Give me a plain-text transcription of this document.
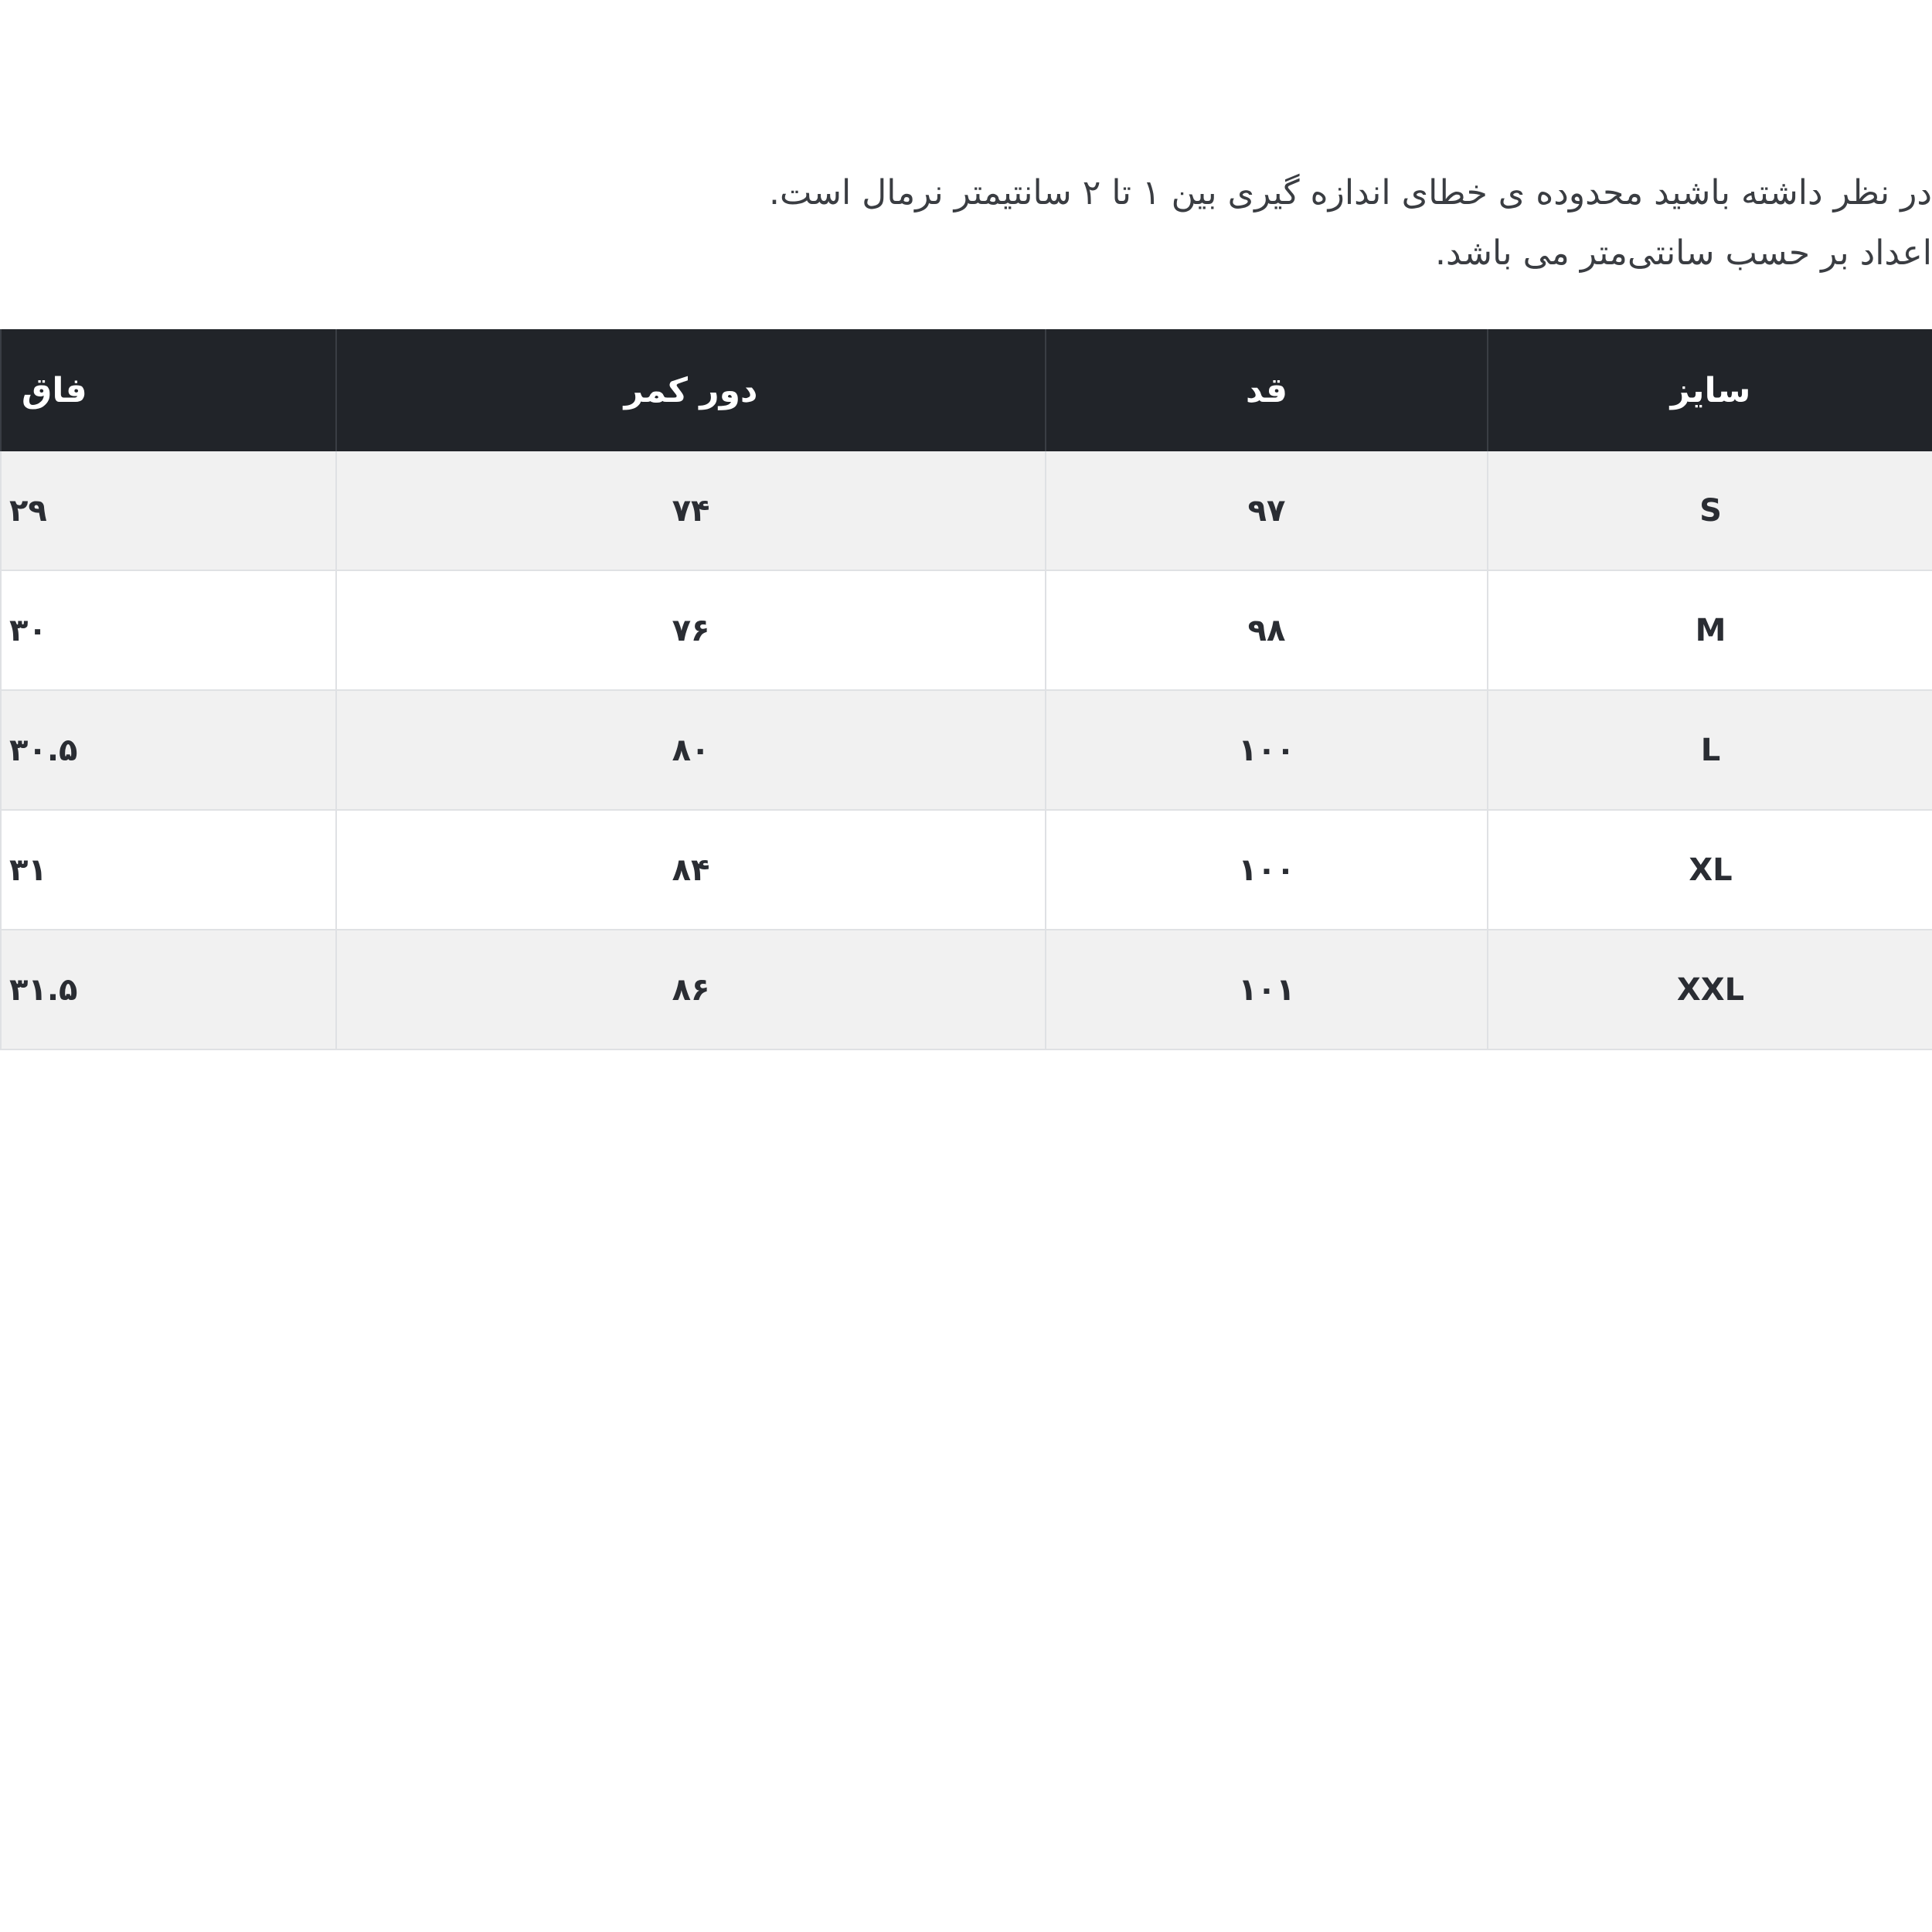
در نظر داشته باشید محدوده ی خطای اندازه گیری بین ۱ تا ۲ سانتیمتر نرمال است.
اعداد بر حسب سانتی‌متر می باشد.
سایز	قد	دور کمر	فاق
S	۹۷	۷۴	۲۹
M	۹۸	۷۶	۳۰
L	۱۰۰	۸۰	۳۰.۵
XL	۱۰۰	۸۴	۳۱
XXL	۱۰۱	۸۶	۳۱.۵
